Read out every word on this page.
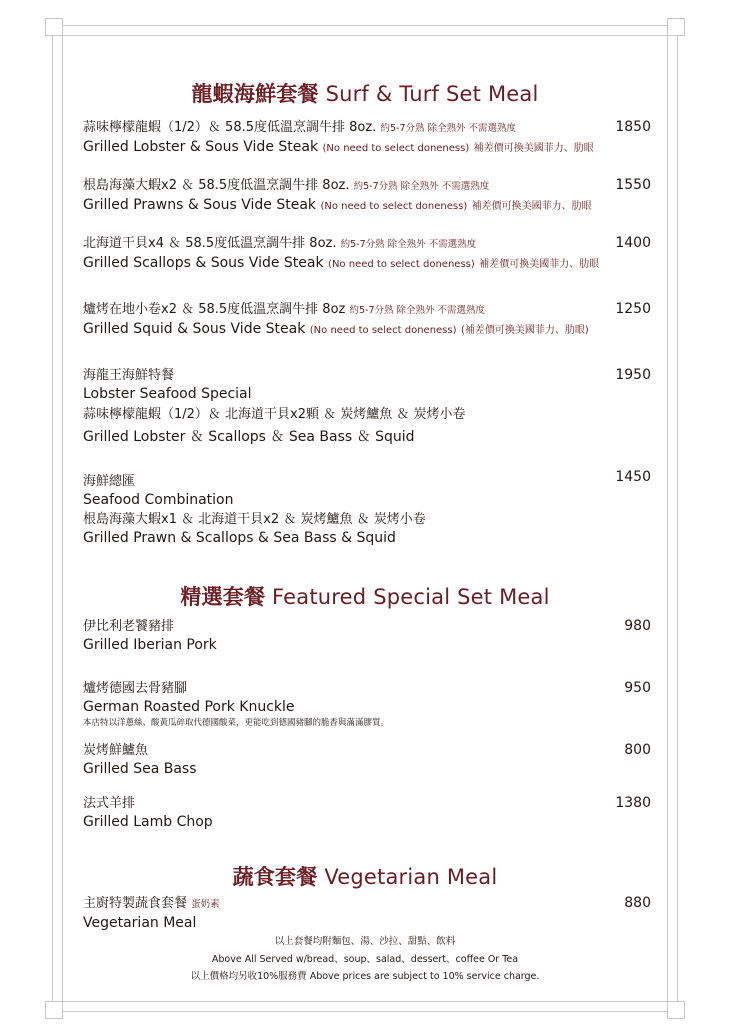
龍蝦海鮮套餐 Surf & Turf Set Meal
蒜味檸檬龍蝦（1/2）＆ 58.5度低溫烹調牛排 8oz. 約5-7分熟 除全熟外 不需選熟度
Grilled Lobster & Sous Vide Steak (No need to select doneness) 補差價可換美國菲力、肋眼
1850
根島海藻大蝦x2 ＆ 58.5度低溫烹調牛排 8oz. 約5-7分熟 除全熟外 不需選熟度
Grilled Prawns & Sous Vide Steak (No need to select doneness) 補差價可換美國菲力、肋眼
1550
北海道干貝x4 ＆ 58.5度低溫烹調牛排 8oz. 約5-7分熟 除全熟外 不需選熟度
Grilled Scallops & Sous Vide Steak (No need to select doneness) 補差價可換美國菲力、肋眼
1400
爐烤在地小卷x2 ＆ 58.5度低溫烹調牛排 8oz 約5-7分熟 除全熟外 不需選熟度
Grilled Squid & Sous Vide Steak (No need to select doneness) (補差價可換美國菲力、肋眼)
1250
海龍王海鮮特餐
Lobster Seafood Special
蒜味檸檬龍蝦（1/2）＆ 北海道干貝x2顆 ＆ 炭烤鱸魚 ＆ 炭烤小卷
Grilled Lobster ＆ Scallops ＆ Sea Bass ＆ Squid
1950
海鮮總匯
Seafood Combination
根島海藻大蝦x1 ＆ 北海道干貝x2 ＆ 炭烤鱸魚 ＆ 炭烤小卷
Grilled Prawn & Scallops & Sea Bass & Squid
1450
精選套餐 Featured Special Set Meal
伊比利老饕豬排
Grilled Iberian Pork
980
爐烤德國去骨豬腳
German Roasted Pork Knuckle
本店特以洋蔥絲、酸黃瓜碎取代德國酸菜，更能吃到德國豬腳的脆香與滿滿膠質。
950
炭烤鮮鱸魚
Grilled Sea Bass
800
法式羊排
Grilled Lamb Chop
1380
蔬食套餐 Vegetarian Meal
主廚特製蔬食套餐 蛋奶素
Vegetarian Meal
880
以上套餐均附麵包、湯、沙拉、甜點、飲料
Above All Served w/bread、soup、salad、dessert、coffee Or Tea
以上價格均另收10%服務費 Above prices are subject to 10% service charge.
